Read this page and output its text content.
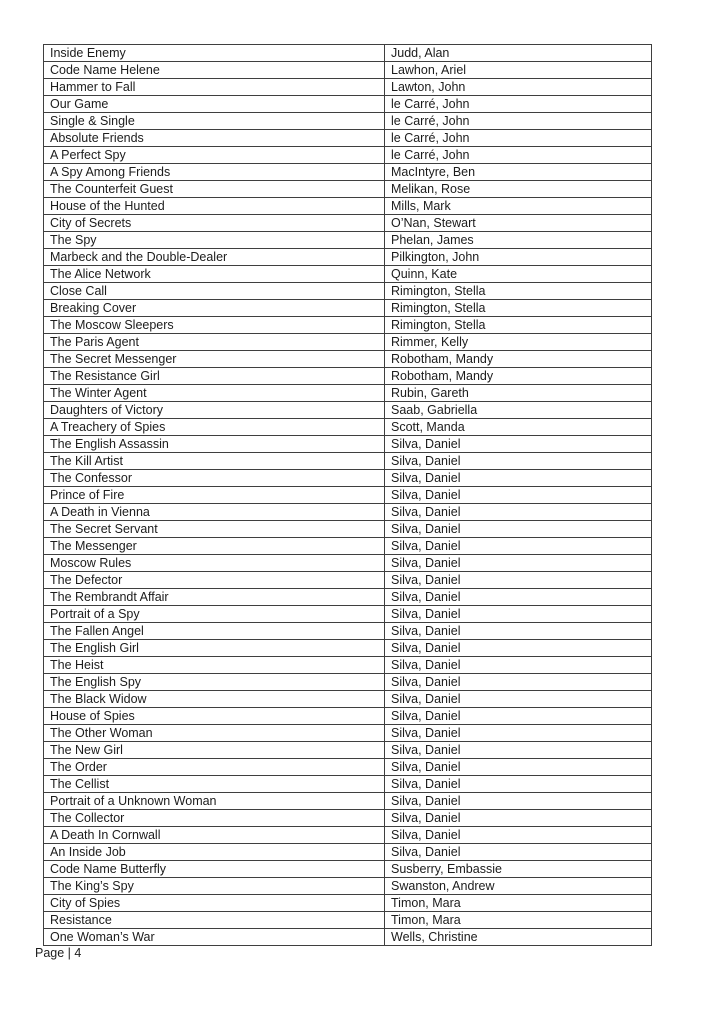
Inside Enemy	Judd, Alan
Code Name Helene	Lawhon, Ariel
Hammer to Fall	Lawton, John
Our Game	le Carré, John
Single & Single	le Carré, John
Absolute Friends	le Carré, John
A Perfect Spy	le Carré, John
A Spy Among Friends	MacIntyre, Ben
The Counterfeit Guest	Melikan, Rose
House of the Hunted	Mills, Mark
City of Secrets	O’Nan, Stewart
The Spy	Phelan, James
Marbeck and the Double-Dealer	Pilkington, John
The Alice Network	Quinn, Kate
Close Call	Rimington, Stella
Breaking Cover	Rimington, Stella
The Moscow Sleepers	Rimington, Stella
The Paris Agent	Rimmer, Kelly
The Secret Messenger	Robotham, Mandy
The Resistance Girl	Robotham, Mandy
The Winter Agent	Rubin, Gareth
Daughters of Victory	Saab, Gabriella
A Treachery of Spies	Scott, Manda
The English Assassin	Silva, Daniel
The Kill Artist	Silva, Daniel
The Confessor	Silva, Daniel
Prince of Fire	Silva, Daniel
A Death in Vienna	Silva, Daniel
The Secret Servant	Silva, Daniel
The Messenger	Silva, Daniel
Moscow Rules	Silva, Daniel
The Defector	Silva, Daniel
The Rembrandt Affair	Silva, Daniel
Portrait of a Spy	Silva, Daniel
The Fallen Angel	Silva, Daniel
The English Girl	Silva, Daniel
The Heist	Silva, Daniel
The English Spy	Silva, Daniel
The Black Widow	Silva, Daniel
House of Spies	Silva, Daniel
The Other Woman	Silva, Daniel
The New Girl	Silva, Daniel
The Order	Silva, Daniel
The Cellist	Silva, Daniel
Portrait of a Unknown Woman	Silva, Daniel
The Collector	Silva, Daniel
A Death In Cornwall	Silva, Daniel
An Inside Job	Silva, Daniel
Code Name Butterfly	Susberry, Embassie
The King’s Spy	Swanston, Andrew
City of Spies	Timon, Mara
Resistance	Timon, Mara
One Woman’s War	Wells, Christine
Page | 4
